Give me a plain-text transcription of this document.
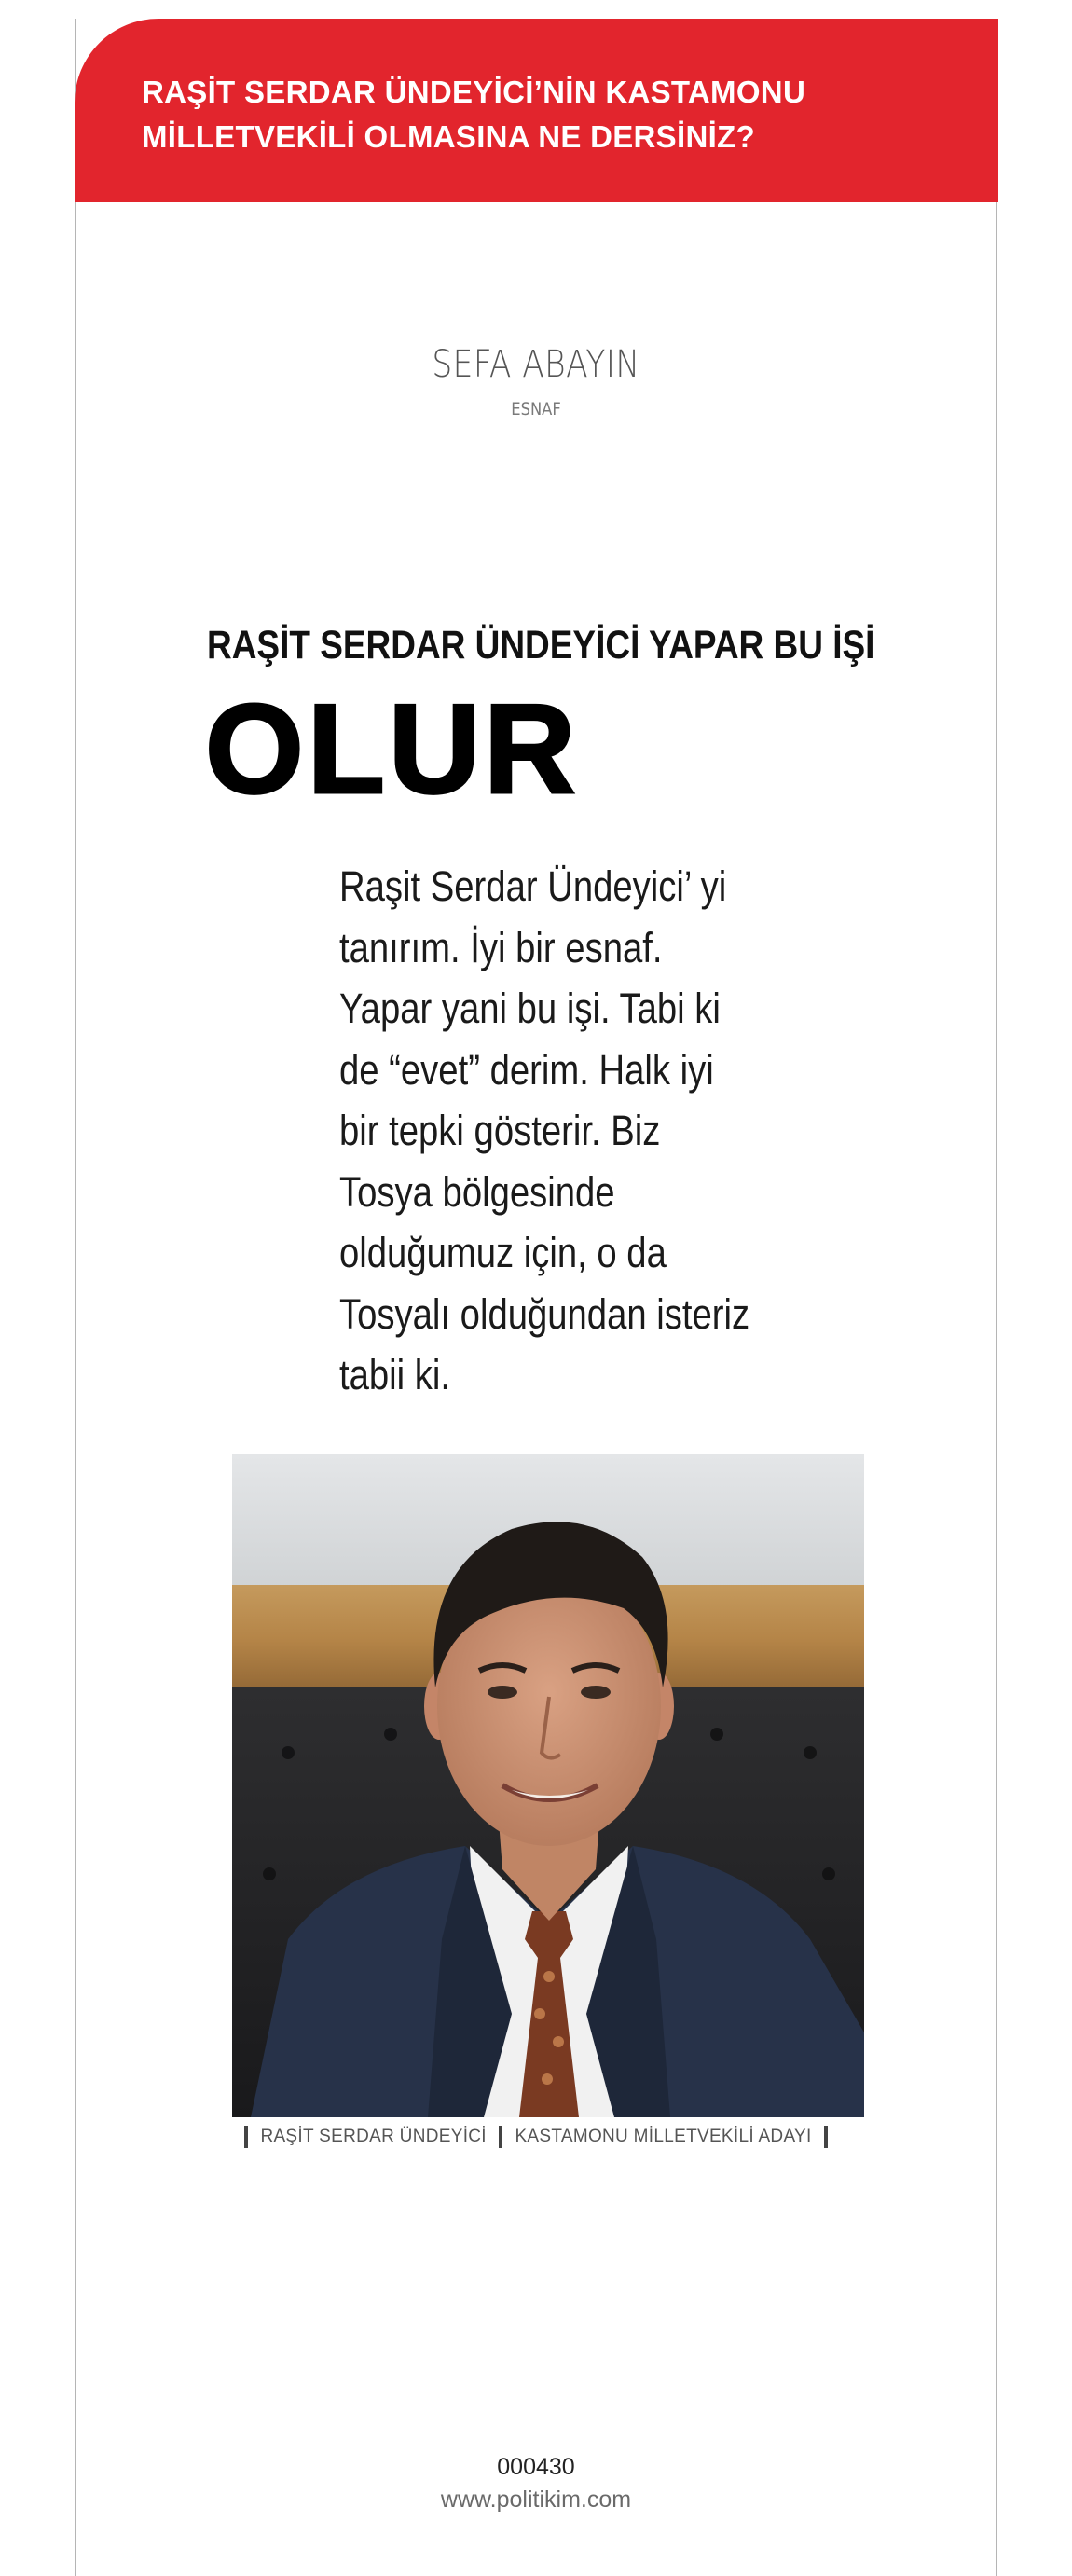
RAŞİT SERDAR ÜNDEYİCİ’NİN KASTAMONU MİLLETVEKİLİ OLMASINA NE DERSİNİZ?
SEFA ABAYIN
ESNAF
RAŞİT SERDAR ÜNDEYİCİ YAPAR BU İŞİ
OLUR

Raşit Serdar Ündeyici’ yi tanırım. İyi bir esnaf. Yapar yani bu işi. Tabi ki de “evet” derim. Halk iyi bir tepki gösterir. Biz Tosya bölgesinde olduğumuz için, o da Tosyalı olduğundan isteriz tabii ki.

RAŞİT SERDAR ÜNDEYİCİ KASTAMONU MİLLETVEKİLİ ADAYI
000430
www.politikim.com
